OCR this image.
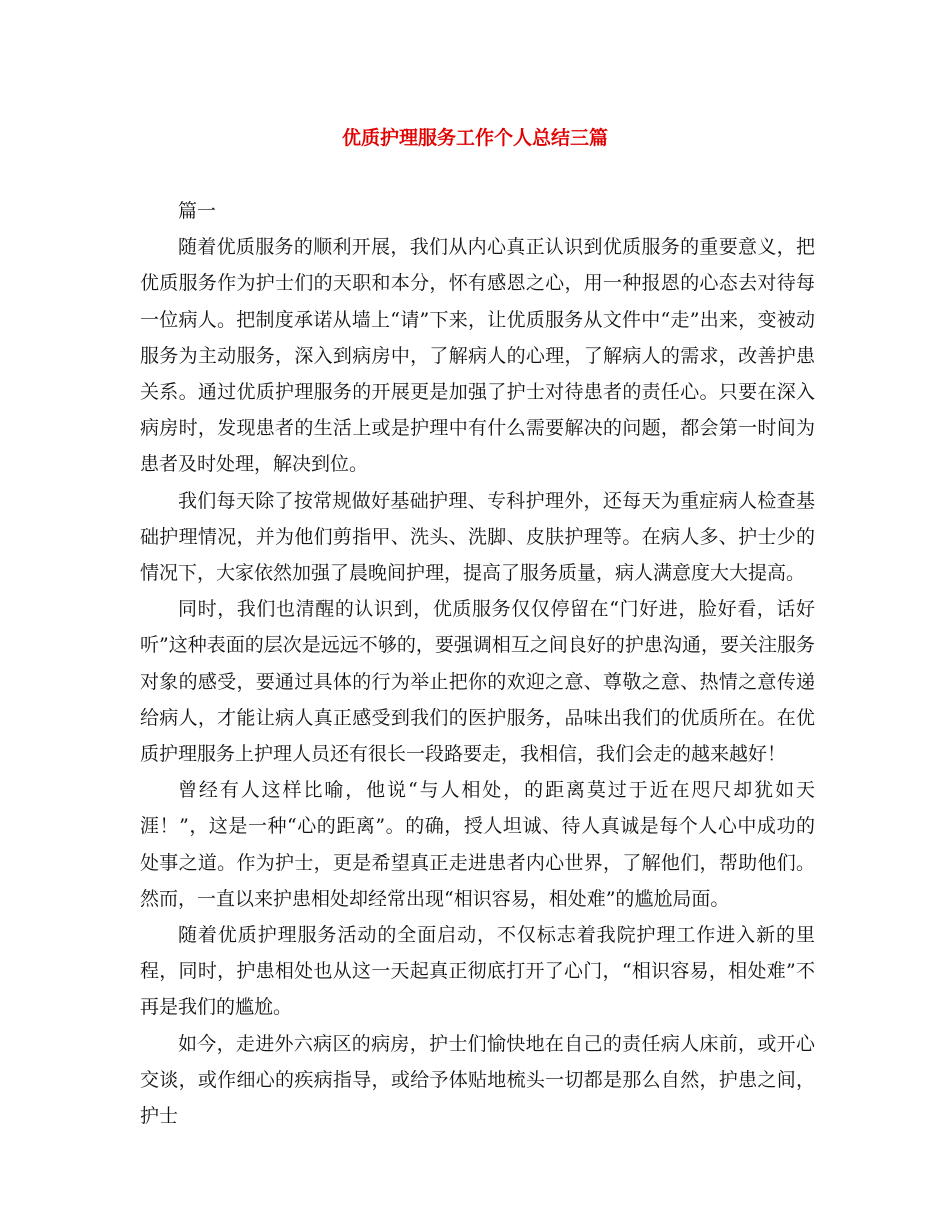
优质护理服务工作个人总结三篇

篇一

随着优质服务的顺利开展，我们从内心真正认识到优质服务的重要意义，把优质服务作为护士们的天职和本分，怀有感恩之心，用一种报恩的心态去对待每一位病人。把制度承诺从墙上“请”下来，让优质服务从文件中“走”出来，变被动服务为主动服务，深入到病房中，了解病人的心理，了解病人的需求，改善护患关系。通过优质护理服务的开展更是加强了护士对待患者的责任心。只要在深入病房时，发现患者的生活上或是护理中有什么需要解决的问题，都会第一时间为患者及时处理，解决到位。

我们每天除了按常规做好基础护理、专科护理外，还每天为重症病人检查基础护理情况，并为他们剪指甲、洗头、洗脚、皮肤护理等。在病人多、护士少的情况下，大家依然加强了晨晚间护理，提高了服务质量，病人满意度大大提高。

同时，我们也清醒的认识到，优质服务仅仅停留在“门好进，脸好看，话好听”这种表面的层次是远远不够的，要强调相互之间良好的护患沟通，要关注服务对象的感受，要通过具体的行为举止把你的欢迎之意、尊敬之意、热情之意传递给病人，才能让病人真正感受到我们的医护服务，品味出我们的优质所在。在优质护理服务上护理人员还有很长一段路要走，我相信，我们会走的越来越好！

曾经有人这样比喻，他说“与人相处，的距离莫过于近在咫尺却犹如天涯！”，这是一种“心的距离”。的确，授人坦诚、待人真诚是每个人心中成功的处事之道。作为护士，更是希望真正走进患者内心世界，了解他们，帮助他们。然而，一直以来护患相处却经常出现“相识容易，相处难”的尴尬局面。

随着优质护理服务活动的全面启动，不仅标志着我院护理工作进入新的里程，同时，护患相处也从这一天起真正彻底打开了心门，“相识容易，相处难”不再是我们的尴尬。

如今，走进外六病区的病房，护士们愉快地在自己的责任病人床前，或开心交谈，或作细心的疾病指导，或给予体贴地梳头一切都是那么自然，护患之间，护士
